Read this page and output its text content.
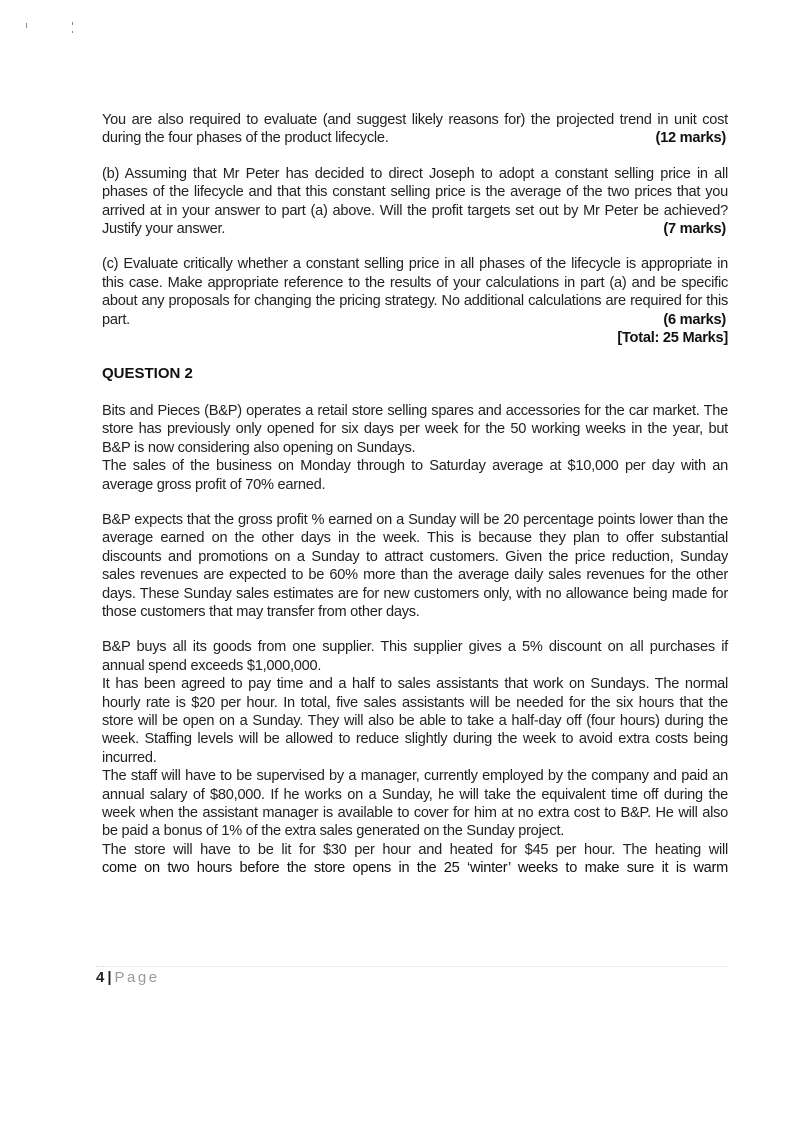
You are also required to evaluate (and suggest likely reasons for) the projected trend in unit cost during the four phases of the product lifecycle.	(12 marks)
(b) Assuming that Mr Peter has decided to direct Joseph to adopt a constant selling price in all phases of the lifecycle and that this constant selling price is the average of the two prices that you arrived at in your answer to part (a) above. Will the profit targets set out by Mr Peter be achieved? Justify your answer.	(7 marks)
(c) Evaluate critically whether a constant selling price in all phases of the lifecycle is appropriate in this case. Make appropriate reference to the results of your calculations in part (a) and be specific about any proposals for changing the pricing strategy. No additional calculations are required for this part.	(6 marks)
[Total: 25 Marks]
QUESTION 2
Bits and Pieces (B&P) operates a retail store selling spares and accessories for the car market. The store has previously only opened for six days per week for the 50 working weeks in the year, but B&P is now considering also opening on Sundays.
The sales of the business on Monday through to Saturday average at $10,000 per day with an average gross profit of 70% earned.
B&P expects that the gross profit % earned on a Sunday will be 20 percentage points lower than the average earned on the other days in the week. This is because they plan to offer substantial discounts and promotions on a Sunday to attract customers. Given the price reduction, Sunday sales revenues are expected to be 60% more than the average daily sales revenues for the other days. These Sunday sales estimates are for new customers only, with no allowance being made for those customers that may transfer from other days.
B&P buys all its goods from one supplier. This supplier gives a 5% discount on all purchases if annual spend exceeds $1,000,000.
It has been agreed to pay time and a half to sales assistants that work on Sundays. The normal hourly rate is $20 per hour. In total, five sales assistants will be needed for the six hours that the store will be open on a Sunday. They will also be able to take a half-day off (four hours) during the week. Staffing levels will be allowed to reduce slightly during the week to avoid extra costs being incurred.
The staff will have to be supervised by a manager, currently employed by the company and paid an annual salary of $80,000. If he works on a Sunday, he will take the equivalent time off during the week when the assistant manager is available to cover for him at no extra cost to B&P. He will also be paid a bonus of 1% of the extra sales generated on the Sunday project.
The store will have to be lit for $30 per hour and heated for $45 per hour. The heating will
come on two hours before the store opens in the 25 ‘winter’ weeks to make sure it is warm
4 | Page
